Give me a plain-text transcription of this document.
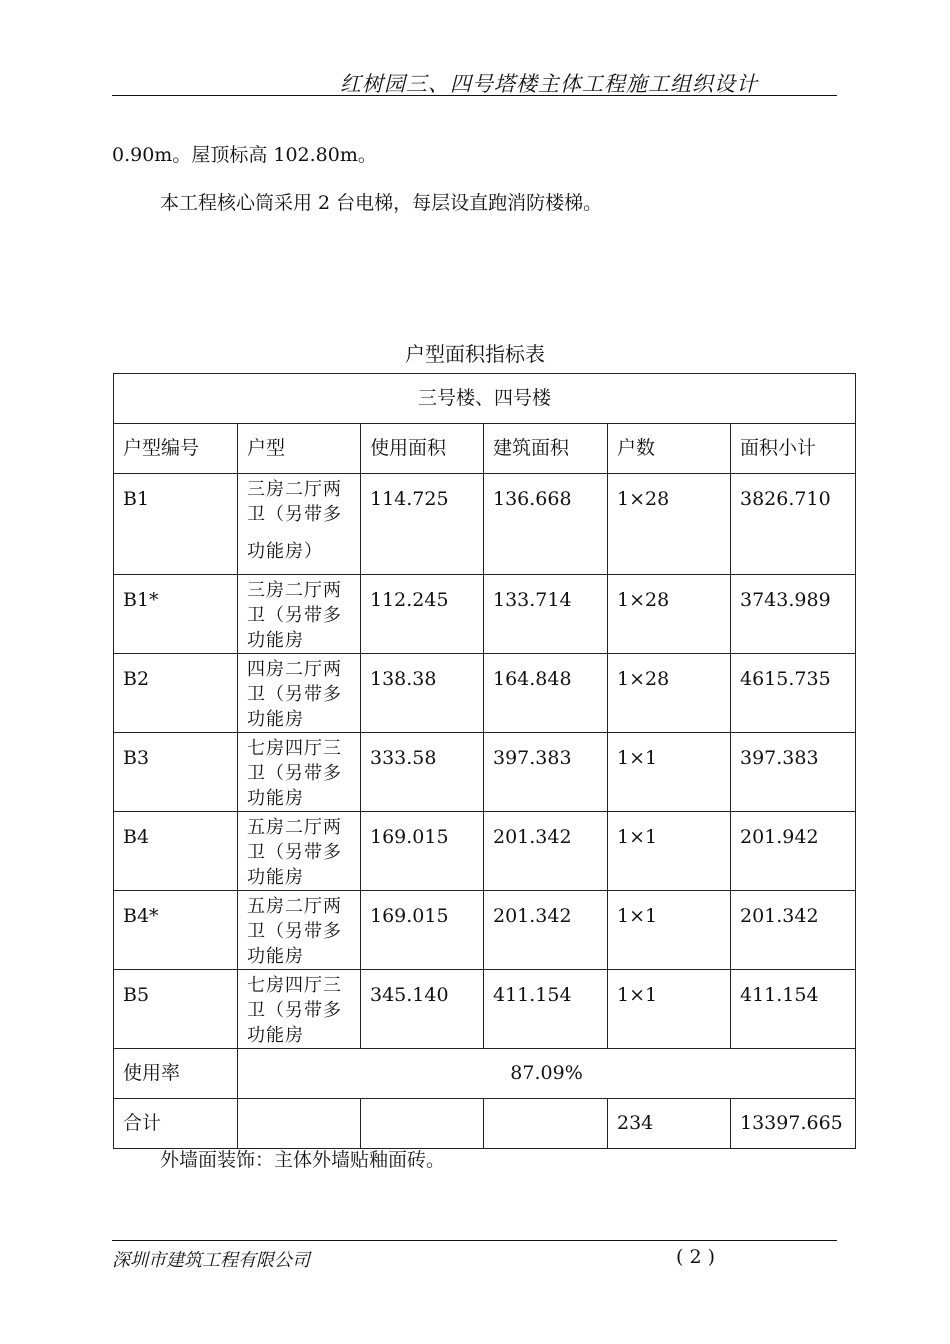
红树园三、四号塔楼主体工程施工组织设计
0.90m。屋顶标高 102.80m。
本工程核心筒采用 2 台电梯，每层设直跑消防楼梯。
户型面积指标表
三号楼、四号楼					
户型编号	户型	使用面积	建筑面积	户数	面积小计
B1	三房二厅两
卫（另带多
功能房）	114.725	136.668	1×28	3826.710
B1*	三房二厅两
卫（另带多
功能房	112.245	133.714	1×28	3743.989
B2	四房二厅两
卫（另带多
功能房	138.38	164.848	1×28	4615.735
B3	七房四厅三
卫（另带多
功能房	333.58	397.383	1×1	397.383
B4	五房二厅两
卫（另带多
功能房	169.015	201.342	1×1	201.942
B4*	五房二厅两
卫（另带多
功能房	169.015	201.342	1×1	201.342
B5	七房四厅三
卫（另带多
功能房	345.140	411.154	1×1	411.154
使用率	87.09%				
合计				234	13397.665
外墙面装饰：主体外墙贴釉面砖。
深圳市建筑工程有限公司	( 2 )
